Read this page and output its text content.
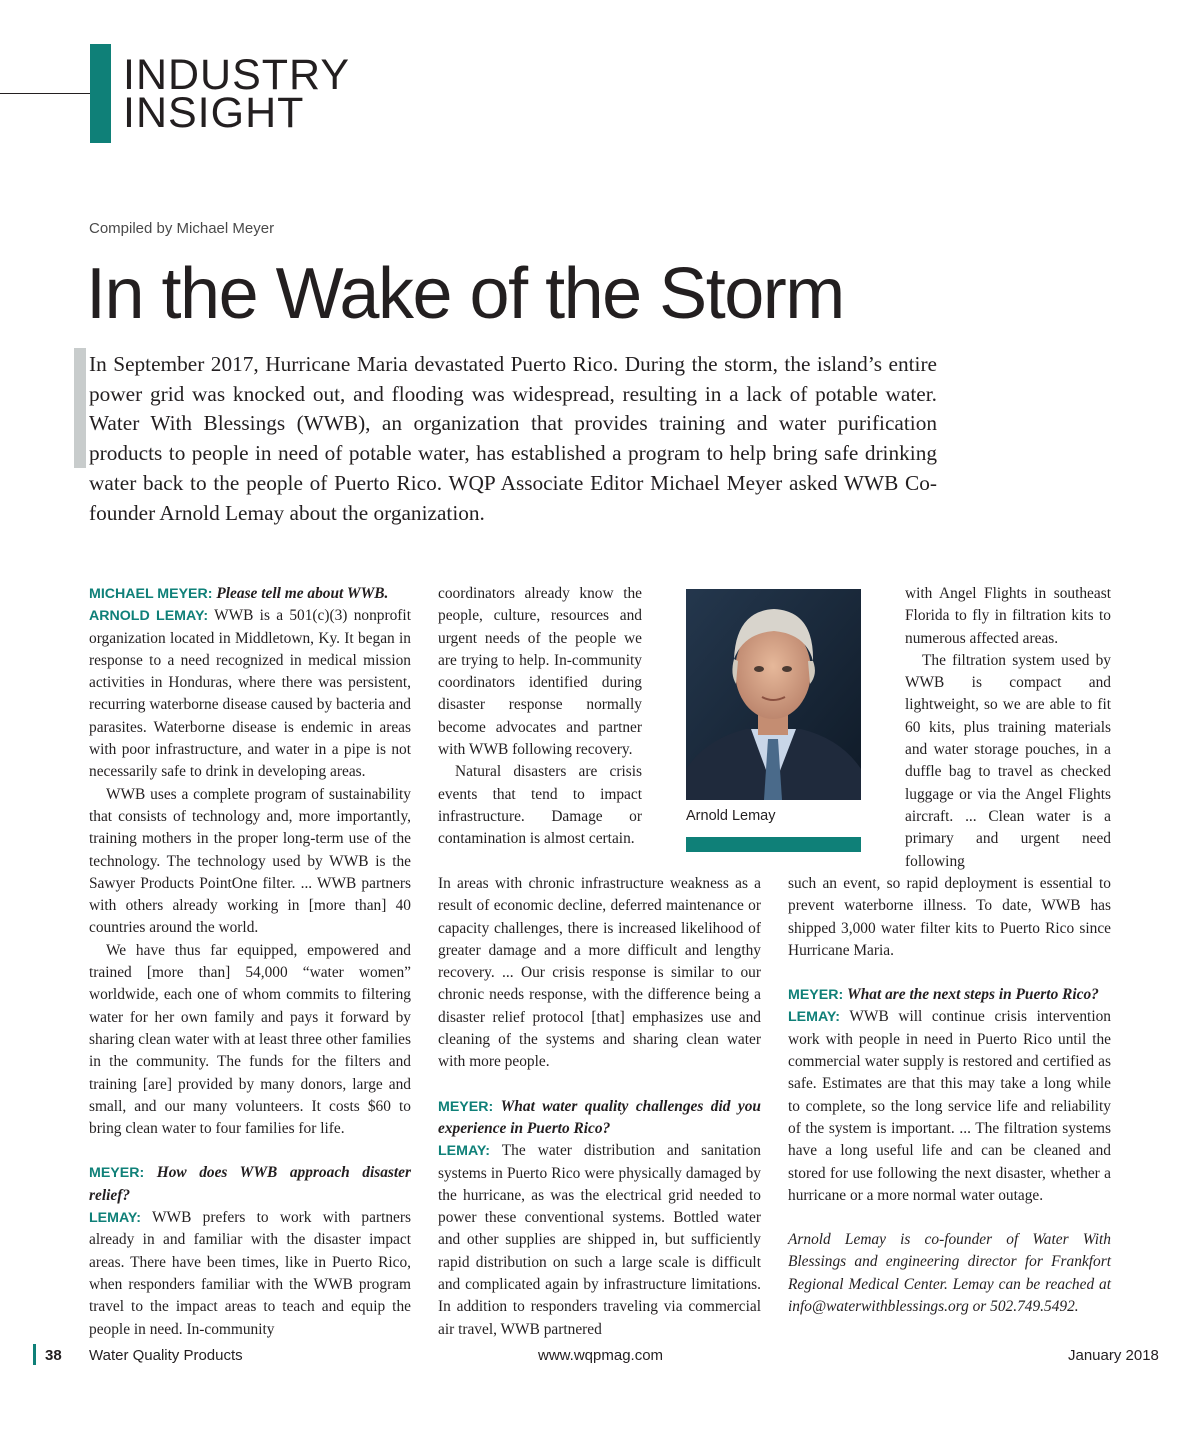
INDUSTRY
INSIGHT
Compiled by Michael Meyer
In the Wake of the Storm

In September 2017, Hurricane Maria devastated Puerto Rico. During the storm, the island’s entire power grid was knocked out, and flooding was widespread, resulting in a lack of potable water. Water With Blessings (WWB), an organization that provides training and water purification products to people in need of potable water, has established a program to help bring safe drinking water back to the people of Puerto Rico. WQP Associate Editor Michael Meyer asked WWB Co-founder Arnold Lemay about the organization.

MICHAEL MEYER: Please tell me about WWB.

ARNOLD LEMAY: WWB is a 501(c)(3) nonprofit organization located in Middletown, Ky. It began in response to a need recognized in medical mission activities in Honduras, where there was persistent, recurring waterborne disease caused by bacteria and parasites. Waterborne disease is endemic in areas with poor infrastructure, and water in a pipe is not necessarily safe to drink in developing areas.

WWB uses a complete program of sustainability that consists of technology and, more importantly, training mothers in the proper long-term use of the technology. The technology used by WWB is the Sawyer Products PointOne filter. ... WWB partners with others already working in [more than] 40 countries around the world.

We have thus far equipped, empowered and trained [more than] 54,000 “water women” worldwide, each one of whom commits to filtering water for her own family and pays it forward by sharing clean water with at least three other families in the community. The funds for the filters and training [are] provided by many donors, large and small, and our many volunteers. It costs $60 to bring clean water to four families for life.

MEYER: How does WWB approach disaster relief?

LEMAY: WWB prefers to work with partners already in and familiar with the disaster impact areas. There have been times, like in Puerto Rico, when responders familiar with the WWB program travel to the impact areas to teach and equip the people in need. In-community

coordinators already know the people, culture, resources and urgent needs of the people we are trying to help. In-community coordinators identified during disaster response normally become advocates and partner with WWB following recovery.

Natural disasters are crisis events that tend to impact infrastructure. Damage or contamination is almost certain.

In areas with chronic infrastructure weakness as a result of economic decline, deferred maintenance or capacity challenges, there is increased likelihood of greater damage and a more difficult and lengthy recovery. ... Our crisis response is similar to our chronic needs response, with the difference being a disaster relief protocol [that] emphasizes use and cleaning of the systems and sharing clean water with more people.

MEYER: What water quality challenges did you experience in Puerto Rico?

LEMAY: The water distribution and sanitation systems in Puerto Rico were physically damaged by the hurricane, as was the electrical grid needed to power these conventional systems. Bottled water and other supplies are shipped in, but sufficiently rapid distribution on such a large scale is difficult and complicated again by infrastructure limitations. In addition to responders traveling via commercial air travel, WWB partnered

Arnold Lemay

with Angel Flights in southeast Florida to fly in filtration kits to numerous affected areas.

The filtration system used by WWB is compact and lightweight, so we are able to fit 60 kits, plus training materials and water storage pouches, in a duffle bag to travel as checked luggage or via the Angel Flights aircraft. ... Clean water is a primary and urgent need following

such an event, so rapid deployment is essential to prevent waterborne illness. To date, WWB has shipped 3,000 water filter kits to Puerto Rico since Hurricane Maria.

MEYER: What are the next steps in Puerto Rico?

LEMAY: WWB will continue crisis intervention work with people in need in Puerto Rico until the commercial water supply is restored and certified as safe. Estimates are that this may take a long while to complete, so the long service life and reliability of the system is important. ... The filtration systems have a long useful life and can be cleaned and stored for use following the next disaster, whether a hurricane or a more normal water outage.

Arnold Lemay is co-founder of Water With Blessings and engineering director for Frankfort Regional Medical Center. Lemay can be reached at info@waterwithblessings.org or 502.749.5492.

38 Water Quality Products	www.wqpmag.com	January 2018
